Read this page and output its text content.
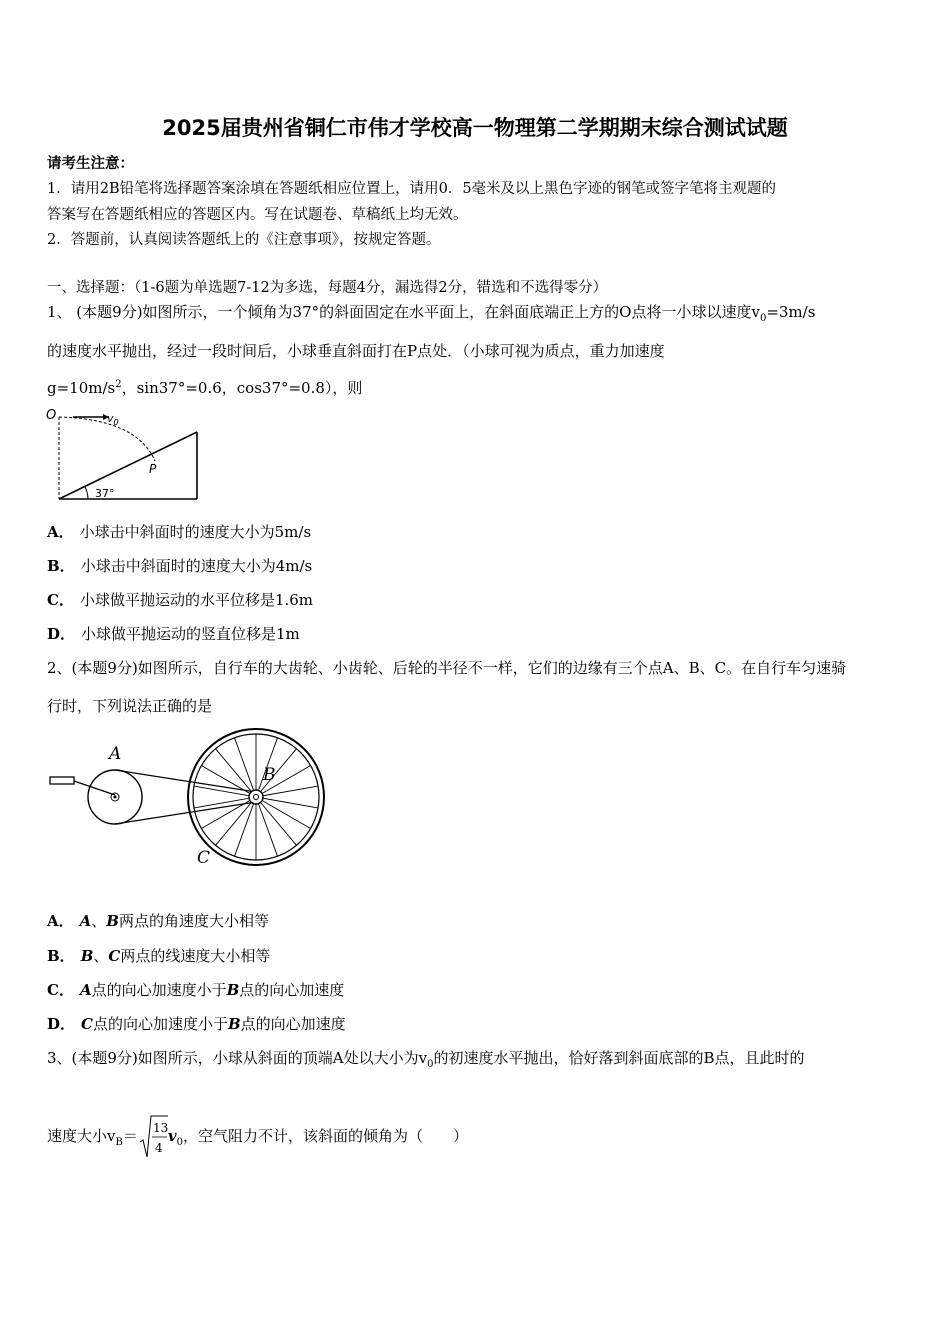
2025届贵州省铜仁市伟才学校高一物理第二学期期末综合测试试题
请考生注意：
1．请用2B铅笔将选择题答案涂填在答题纸相应位置上，请用0．5毫米及以上黑色字迹的钢笔或签字笔将主观题的
答案写在答题纸相应的答题区内。写在试题卷、草稿纸上均无效。
2．答题前，认真阅读答题纸上的《注意事项》，按规定答题。
一、选择题：（1-6题为单选题7-12为多选，每题4分，漏选得2分，错选和不选得零分）
1、 (本题9分)如图所示，一个倾角为37°的斜面固定在水平面上，在斜面底端正上方的O点将一小球以速度$v_0=3m/s$
的速度水平抛出，经过一段时间后，小球垂直斜面打在P点处．（小球可视为质点，重力加速度
$g=10m/s^2$，sin37°=0.6，cos37°=0.8），则
O	$v_0$
P
37°
A． 小球击中斜面时的速度大小为5m/s
B． 小球击中斜面时的速度大小为4m/s
C． 小球做平抛运动的水平位移是1.6m
D． 小球做平抛运动的竖直位移是1m
2、(本题9分)如图所示，自行车的大齿轮、小齿轮、后轮的半径不一样，它们的边缘有三个点A、B、C。在自行车匀速骑
行时，下列说法正确的是
A
B
C
A． A、B两点的角速度大小相等
B． B、C两点的线速度大小相等
C． A点的向心加速度小于B点的向心加速度
D． C点的向心加速度小于B点的向心加速度
3、(本题9分)如图所示，小球从斜面的顶端A处以大小为$v_0$的初速度水平抛出，恰好落到斜面底部的B点，且此时的
速度大小$v_B= 13$
4
$v_0$，空气阻力不计，该斜面的倾角为（　　）
